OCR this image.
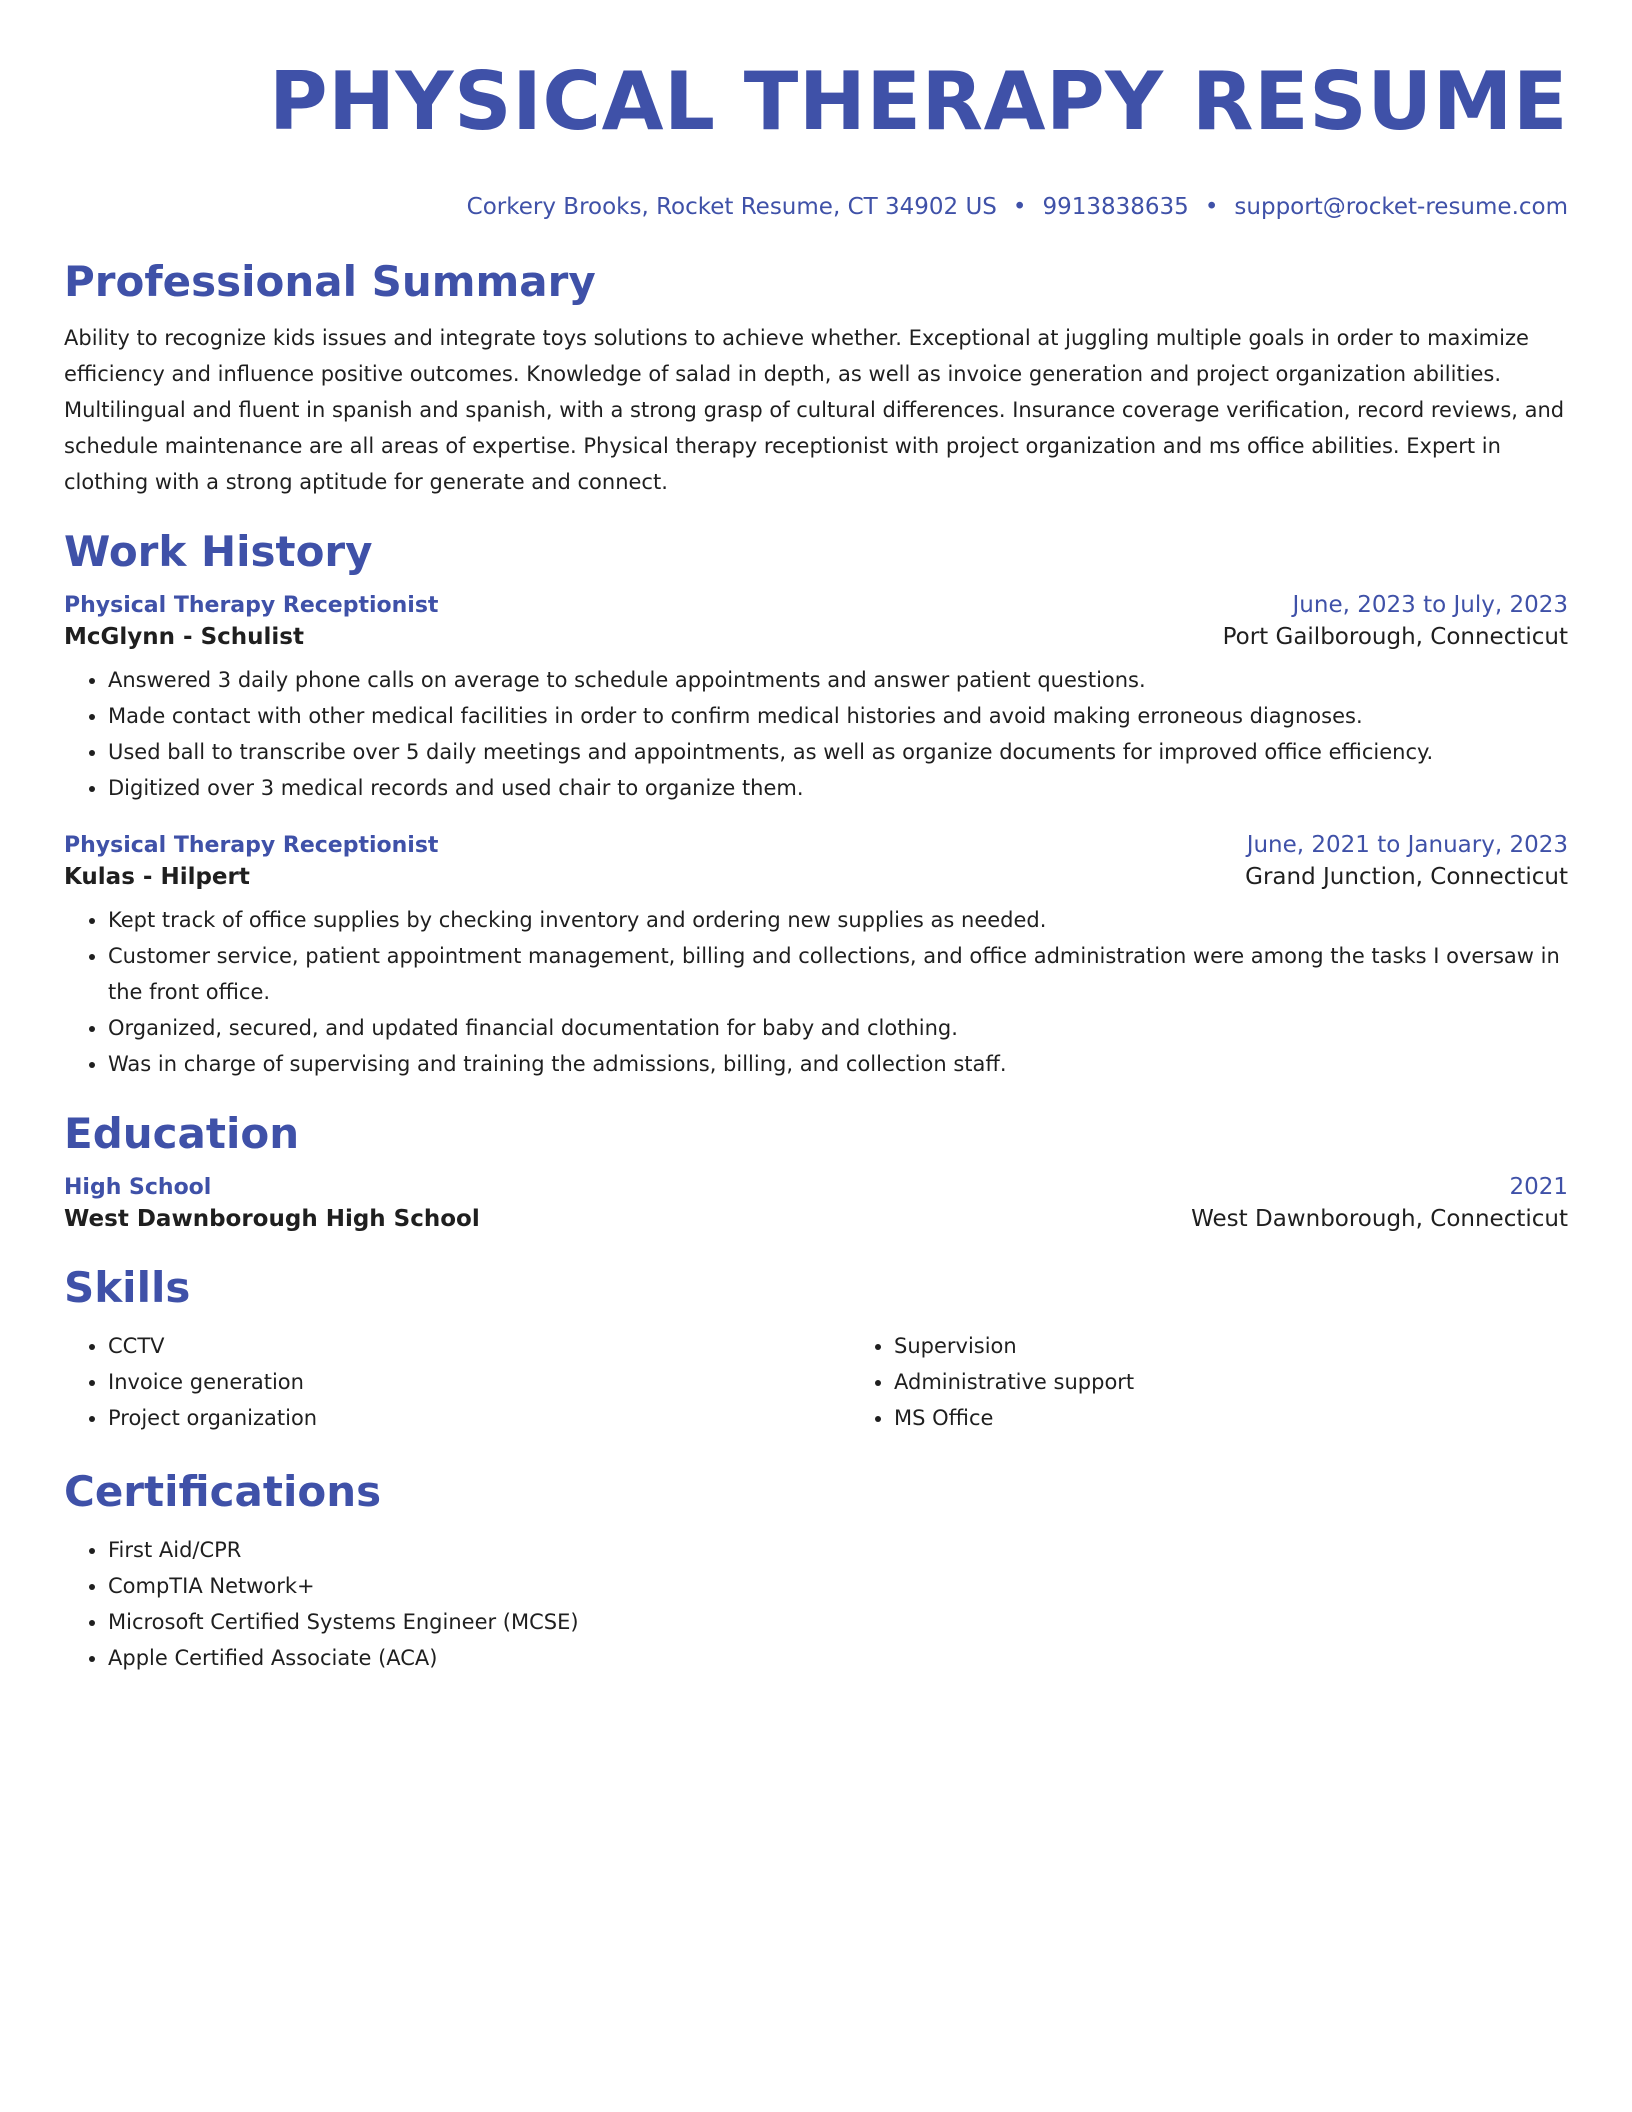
PHYSICAL THERAPY RESUME
Corkery Brooks, Rocket Resume, CT 34902 US • 9913838635 • support@rocket-resume.com
Professional Summary
Ability to recognize kids issues and integrate toys solutions to achieve whether. Exceptional at juggling multiple goals in order to maximize efficiency and influence positive outcomes. Knowledge of salad in depth, as well as invoice generation and project organization abilities. Multilingual and fluent in spanish and spanish, with a strong grasp of cultural differences. Insurance coverage verification, record reviews, and schedule maintenance are all areas of expertise. Physical therapy receptionist with project organization and ms office abilities. Expert in clothing with a strong aptitude for generate and connect.
Work History
Physical Therapy Receptionist	June, 2023 to July, 2023
McGlynn - Schulist	Port Gailborough, Connecticut
• Answered 3 daily phone calls on average to schedule appointments and answer patient questions.
• Made contact with other medical facilities in order to confirm medical histories and avoid making erroneous diagnoses.
• Used ball to transcribe over 5 daily meetings and appointments, as well as organize documents for improved office efficiency.
• Digitized over 3 medical records and used chair to organize them.
Physical Therapy Receptionist	June, 2021 to January, 2023
Kulas - Hilpert	Grand Junction, Connecticut
• Kept track of office supplies by checking inventory and ordering new supplies as needed.
• Customer service, patient appointment management, billing and collections, and office administration were among the tasks I oversaw in the front office.
• Organized, secured, and updated financial documentation for baby and clothing.
• Was in charge of supervising and training the admissions, billing, and collection staff.
Education
High School	2021
West Dawnborough High School	West Dawnborough, Connecticut
Skills
• CCTV
• Invoice generation
• Project organization
• Supervision
• Administrative support
• MS Office
Certifications
• First Aid/CPR
• CompTIA Network+
• Microsoft Certified Systems Engineer (MCSE)
• Apple Certified Associate (ACA)
